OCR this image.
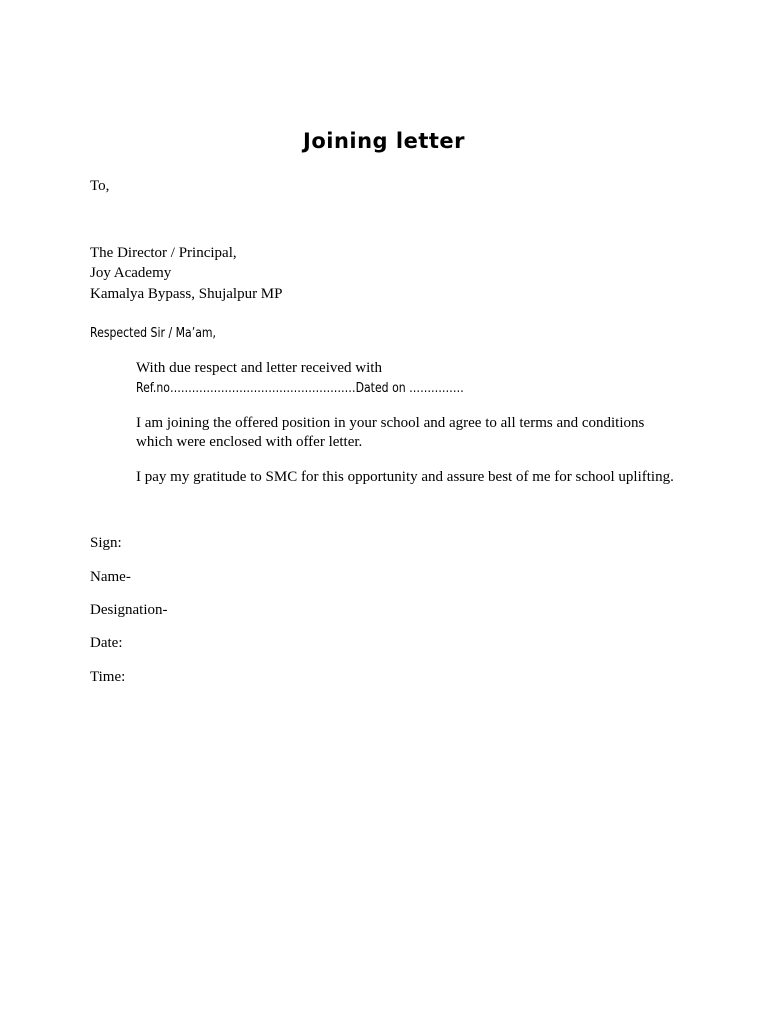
Joining letter
To,
The Director / Principal,
Joy Academy
Kamalya Bypass, Shujalpur MP
Respected Sir / Ma’am,
With due respect and letter received with
Ref.no……………………………………………Dated on ……………
I am joining the offered position in your school and agree to all terms and conditions
which were enclosed with offer letter.
I pay my gratitude to SMC for this opportunity and assure best of me for school uplifting.
Sign:
Name-
Designation-
Date:
Time:
